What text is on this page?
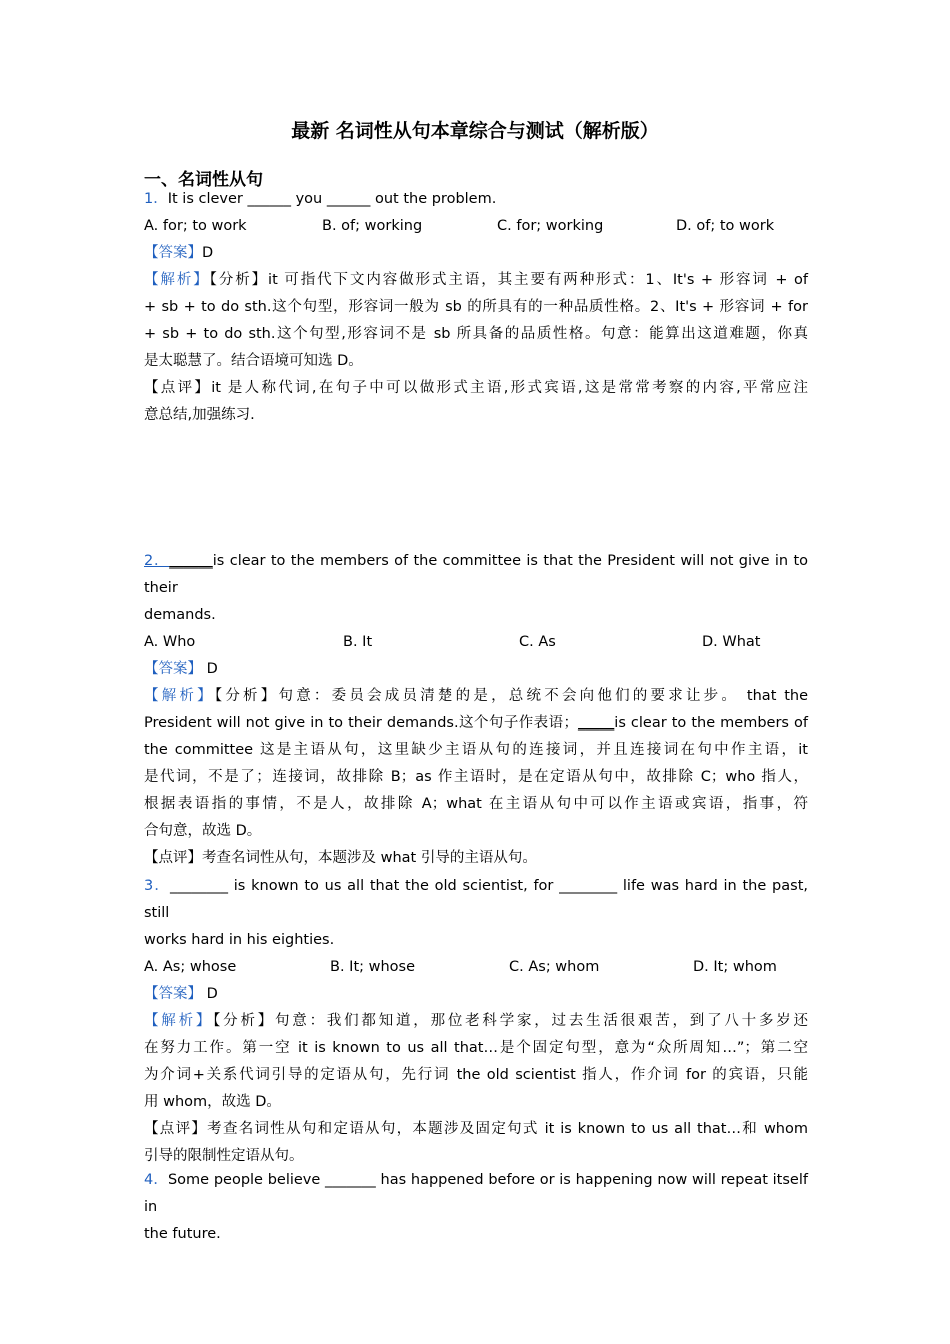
最新 名词性从句本章综合与测试（解析版）
一、名词性从句
1．It is clever ______ you ______ out the problem.
A. for; to work	B. of; working	C. for; working	D. of; to work
【答案】D
【解析】【分析】it 可指代下文内容做形式主语，其主要有两种形式：1、It's + 形容词 + of
+ sb + to do sth.这个句型，形容词一般为 sb 的所具有的一种品质性格。2、It's + 形容词 + for
+ sb + to do sth.这个句型,形容词不是 sb 所具备的品质性格。句意：能算出这道难题，你真
是太聪慧了。结合语境可知选 D。
【点评】it 是人称代词,在句子中可以做形式主语,形式宾语,这是常常考察的内容,平常应注
意总结,加强练习.
2．______is clear to the members of the committee is that the President will not give in to their
demands.
A. Who	B. It	C. As	D. What
【答案】 D
【解析】【分析】句意：委员会成员清楚的是，总统不会向他们的要求让步。 that the
President will not give in to their demands.这个句子作表语；_____is clear to the members of
the committee 这是主语从句，这里缺少主语从句的连接词，并且连接词在句中作主语，it
是代词，不是了；连接词，故排除 B；as 作主语时，是在定语从句中，故排除 C；who 指人，
根据表语指的事情，不是人，故排除 A；what 在主语从句中可以作主语或宾语，指事，符
合句意，故选 D。
【点评】考查名词性从句，本题涉及 what 引导的主语从句。
3．________ is known to us all that the old scientist, for ________ life was hard in the past, still
works hard in his eighties.
A. As; whose	B. It; whose	C. As; whom	D. It; whom
【答案】 D
【解析】【分析】句意：我们都知道，那位老科学家，过去生活很艰苦，到了八十多岁还
在努力工作。第一空 it is known to us all that…是个固定句型，意为“众所周知…”；第二空
为介词+关系代词引导的定语从句，先行词 the old scientist 指人，作介词 for 的宾语，只能
用 whom，故选 D。
【点评】考查名词性从句和定语从句，本题涉及固定句式 it is known to us all that…和 whom
引导的限制性定语从句。
4．Some people believe _______ has happened before or is happening now will repeat itself in
the future.
